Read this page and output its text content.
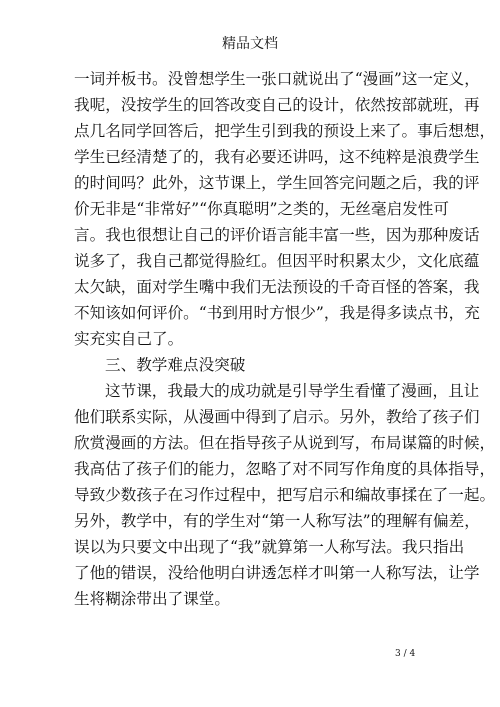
精品文档
一词并板书。没曾想学生一张口就说出了“漫画”这一定义，
我呢，没按学生的回答改变自己的设计，依然按部就班，再
点几名同学回答后，把学生引到我的预设上来了。事后想想，
学生已经清楚了的，我有必要还讲吗，这不纯粹是浪费学生
的时间吗？此外，这节课上，学生回答完问题之后，我的评
价无非是“非常好”“你真聪明”之类的，无丝毫启发性可
言。我也很想让自己的评价语言能丰富一些，因为那种废话
说多了，我自己都觉得脸红。但因平时积累太少，文化底蕴
太欠缺，面对学生嘴中我们无法预设的千奇百怪的答案，我
不知该如何评价。“书到用时方恨少”，我是得多读点书，充
实充实自己了。
三、教学难点没突破
这节课，我最大的成功就是引导学生看懂了漫画，且让
他们联系实际，从漫画中得到了启示。另外，教给了孩子们
欣赏漫画的方法。但在指导孩子从说到写，布局谋篇的时候，
我高估了孩子们的能力，忽略了对不同写作角度的具体指导，
导致少数孩子在习作过程中，把写启示和编故事揉在了一起。
另外，教学中，有的学生对“第一人称写法”的理解有偏差，
误以为只要文中出现了“我”就算第一人称写法。我只指出
了他的错误，没给他明白讲透怎样才叫第一人称写法，让学
生将糊涂带出了课堂。
3 / 4
